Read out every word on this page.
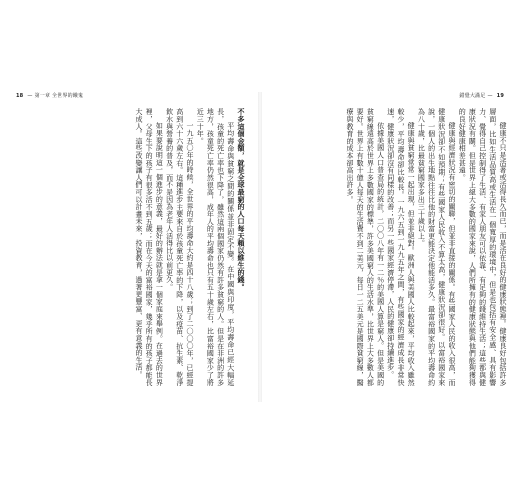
18 — 第一章 全世界的餓鬼	錯覺大滿足 — 19

健康不只是活著或活得長久而已，而是活在良好的健康狀態裡。健康良好包括許多層面，比如生活品質高或生活在一個寬厚的環境中，但是也包括有安全感、具有影響力、覺得自己控制得了生活、有家人朋友可以依靠、有足夠的錢維持生活；這些都與健康狀況有關。但是世界上絕大多數的國家來說，人們所擁有的健康狀態與他們能夠獲得的良好健康相差甚遠。

健康與經濟狀況有密切的關聯，但並非直接的關係。有些國家人民的收入很高，而健康狀況卻不如預期；有些國家人民收入不算太高，健康狀況卻很好。以富裕國家來說，一個人的出生地點往往比他的財富更能決定他能活多久。最富裕國家的平均壽命約為八十歲，比最貧窮國家多出三十歲以上。

健康與貧窮常常一起出現，但並非絕對。歐洲人與美國人比較起來，平均收入雖然較少，平均壽命卻比較長。一九六五到一九九五年之間，有些國家的經濟成長非常快速，健康狀況卻沒有同樣的改善；而另一些國家經濟停滯，人民的健康卻持續進步。

依據美國人口普查局的統計，二〇〇八年有一二％的美國人算是窮人。但是美國的貧窮線遠高於世界上多數國家的標準，許多美國窮人的生活水準，比世界上大多數人都要好。世界上有數十億人每天的生活費不到二美元，每日一二五美元是國際貧窮線，醫療與教育的成本卻高出許多。

不多這個金額，就是全球最窮的人口每天賴以維生的錢。

平均壽命與貧窮之間的關係並非固定不變。在中國與印度，平均壽命已經大幅延長，孩童的死亡率也下降了，雖然這兩個國家仍然有許多貧窮的人。但是在非洲的許多地方，孩童死亡率仍然很高，成年人的平均壽命也只有五十歲左右，比富裕國家少了將近三十年。

一九五〇年的時候，全世界的平均壽命大約是四十八歲；到了二〇〇〇年，已經提高到六十六歲左右。這種進步主要來自於孩童死亡率的下降，以及疫苗、抗生素、乾淨飲水與營養的普及，而不是因為老年人活得比以前更久。

如果要說明這一個進步的意義，最好的辦法就是拿一個家庭來舉例。在過去的世界裡，父母生下的孩子有很多活不到五歲；而在今天的富裕國家，幾乎所有的孩子都能長大成人。這些改變讓人們可以計畫未來，投資教育，過著更豐富、更有意義的生活。
